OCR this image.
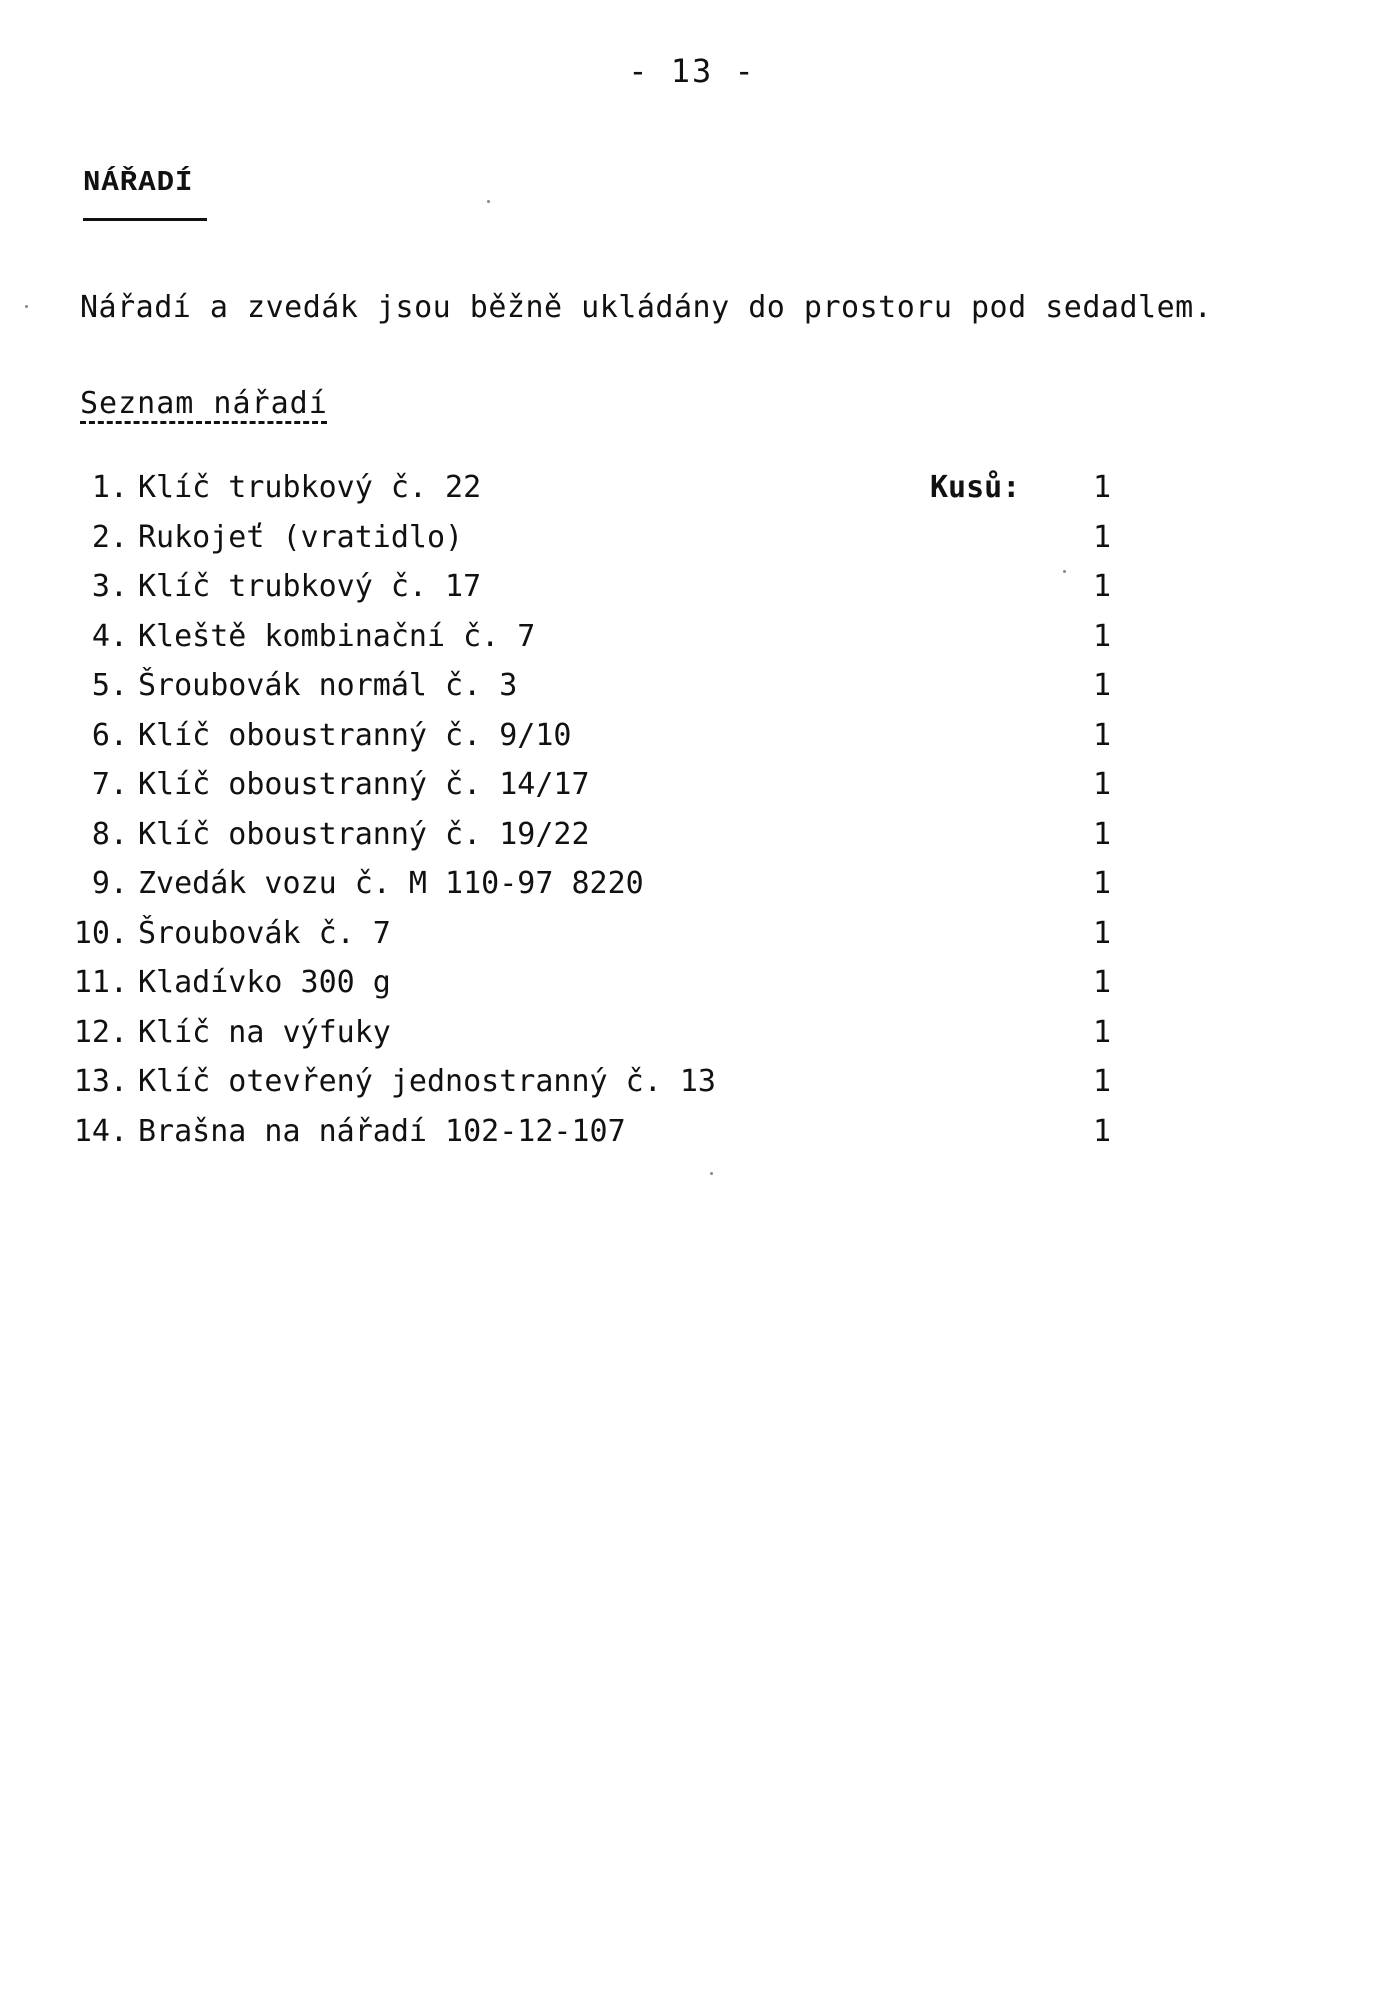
- 13 -
NÁŘADÍ
Nářadí a zvedák jsou běžně ukládány do prostoru pod sedadlem.
Seznam nářadí
Kusů:
1. Klíč trubkový č. 22	1
2. Rukojeť (vratidlo)	1
3. Klíč trubkový č. 17	1
4. Kleště kombinační č. 7	1
5. Šroubovák normál č. 3	1
6. Klíč oboustranný č. 9/10	1
7. Klíč oboustranný č. 14/17	1
8. Klíč oboustranný č. 19/22	1
9. Zvedák vozu č. M 110-97 8220	1
10. Šroubovák č. 7	1
11. Kladívko 300 g	1
12. Klíč na výfuky	1
13. Klíč otevřený jednostranný č. 13	1
14. Brašna na nářadí 102-12-107	1
